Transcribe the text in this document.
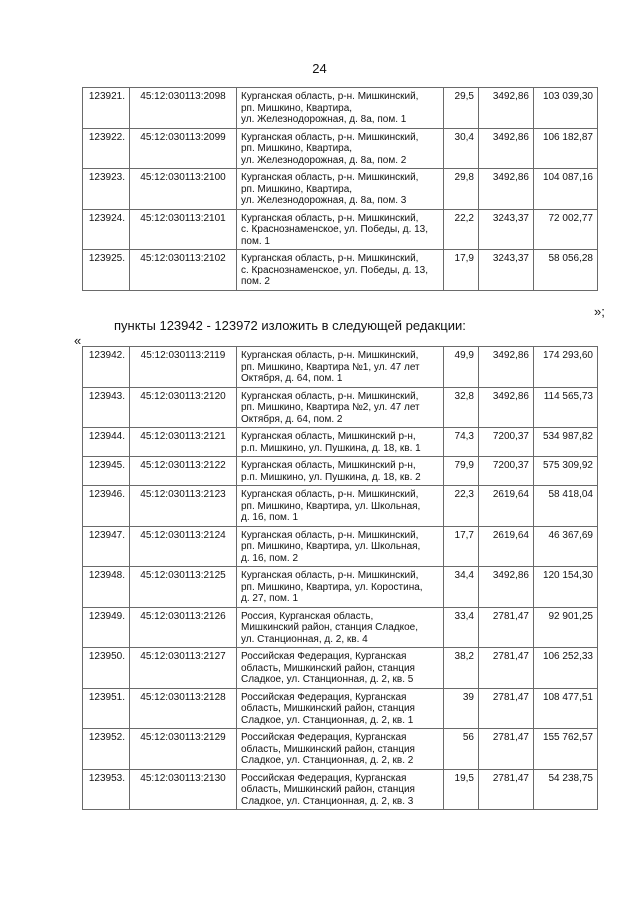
24
123921.	45:12:030113:2098	Курганская область, р-н. Мишкинский,
рп. Мишкино, Квартира,
ул. Железнодорожная, д. 8а, пом. 1	29,5	3492,86	103 039,30
123922.	45:12:030113:2099	Курганская область, р-н. Мишкинский,
рп. Мишкино, Квартира,
ул. Железнодорожная, д. 8а, пом. 2	30,4	3492,86	106 182,87
123923.	45:12:030113:2100	Курганская область, р-н. Мишкинский,
рп. Мишкино, Квартира,
ул. Железнодорожная, д. 8а, пом. 3	29,8	3492,86	104 087,16
123924.	45:12:030113:2101	Курганская область, р-н. Мишкинский,
с. Краснознаменское, ул. Победы, д. 13,
пом. 1	22,2	3243,37	72 002,77
123925.	45:12:030113:2102	Курганская область, р-н. Мишкинский,
с. Краснознаменское, ул. Победы, д. 13,
пом. 2	17,9	3243,37	58 056,28
»;
пункты 123942 - 123972 изложить в следующей редакции:
«
123942.	45:12:030113:2119	Курганская область, р-н. Мишкинский,
рп. Мишкино, Квартира №1, ул. 47 лет
Октября, д. 64, пом. 1	49,9	3492,86	174 293,60
123943.	45:12:030113:2120	Курганская область, р-н. Мишкинский,
рп. Мишкино, Квартира №2, ул. 47 лет
Октября, д. 64, пом. 2	32,8	3492,86	114 565,73
123944.	45:12:030113:2121	Курганская область, Мишкинский р-н,
р.п. Мишкино, ул. Пушкина, д. 18, кв. 1	74,3	7200,37	534 987,82
123945.	45:12:030113:2122	Курганская область, Мишкинский р-н,
р.п. Мишкино, ул. Пушкина, д. 18, кв. 2	79,9	7200,37	575 309,92
123946.	45:12:030113:2123	Курганская область, р-н. Мишкинский,
рп. Мишкино, Квартира, ул. Школьная,
д. 16, пом. 1	22,3	2619,64	58 418,04
123947.	45:12:030113:2124	Курганская область, р-н. Мишкинский,
рп. Мишкино, Квартира, ул. Школьная,
д. 16, пом. 2	17,7	2619,64	46 367,69
123948.	45:12:030113:2125	Курганская область, р-н. Мишкинский,
рп. Мишкино, Квартира, ул. Коростина,
д. 27, пом. 1	34,4	3492,86	120 154,30
123949.	45:12:030113:2126	Россия, Курганская область,
Мишкинский район, станция Сладкое,
ул. Станционная, д. 2, кв. 4	33,4	2781,47	92 901,25
123950.	45:12:030113:2127	Российская Федерация, Курганская
область, Мишкинский район, станция
Сладкое, ул. Станционная, д. 2, кв. 5	38,2	2781,47	106 252,33
123951.	45:12:030113:2128	Российская Федерация, Курганская
область, Мишкинский район, станция
Сладкое, ул. Станционная, д. 2, кв. 1	39	2781,47	108 477,51
123952.	45:12:030113:2129	Российская Федерация, Курганская
область, Мишкинский район, станция
Сладкое, ул. Станционная, д. 2, кв. 2	56	2781,47	155 762,57
123953.	45:12:030113:2130	Российская Федерация, Курганская
область, Мишкинский район, станция
Сладкое, ул. Станционная, д. 2, кв. 3	19,5	2781,47	54 238,75
